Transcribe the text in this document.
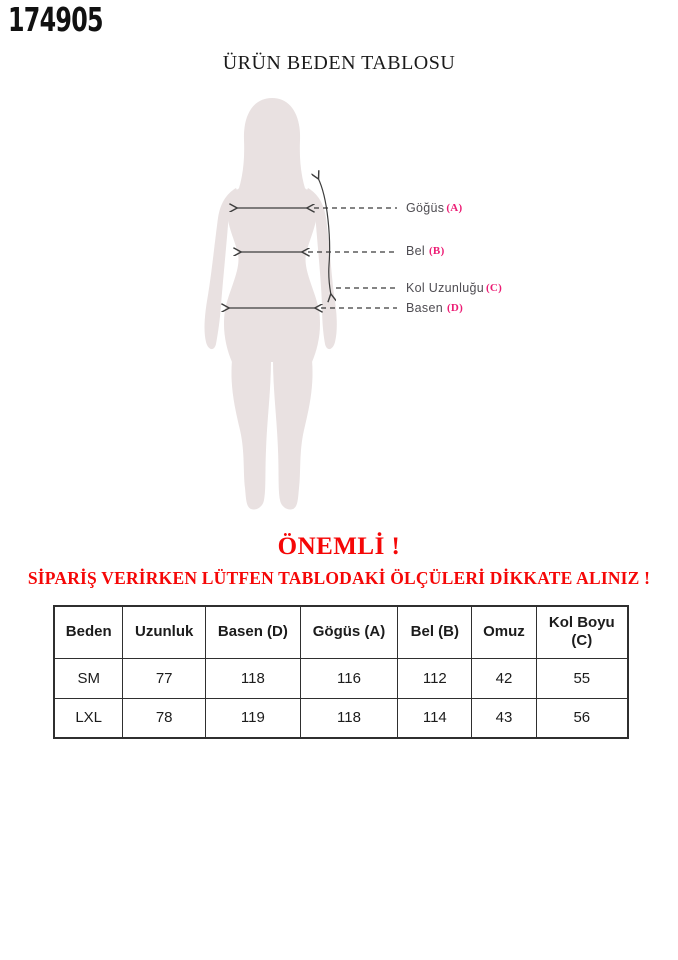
174905
ÜRÜN BEDEN TABLOSU
Göğüs (A)
Bel (B)
Kol Uzunluğu (C)
Basen (D)
ÖNEMLİ !
SİPARİŞ VERİRKEN LÜTFEN TABLODAKİ ÖLÇÜLERİ DİKKATE ALINIZ !
Beden	Uzunluk	Basen (D)	Gögüs (A)	Bel (B)	Omuz	Kol Boyu (C)
SM	77	118	116	112	42	55
LXL	78	119	118	114	43	56
